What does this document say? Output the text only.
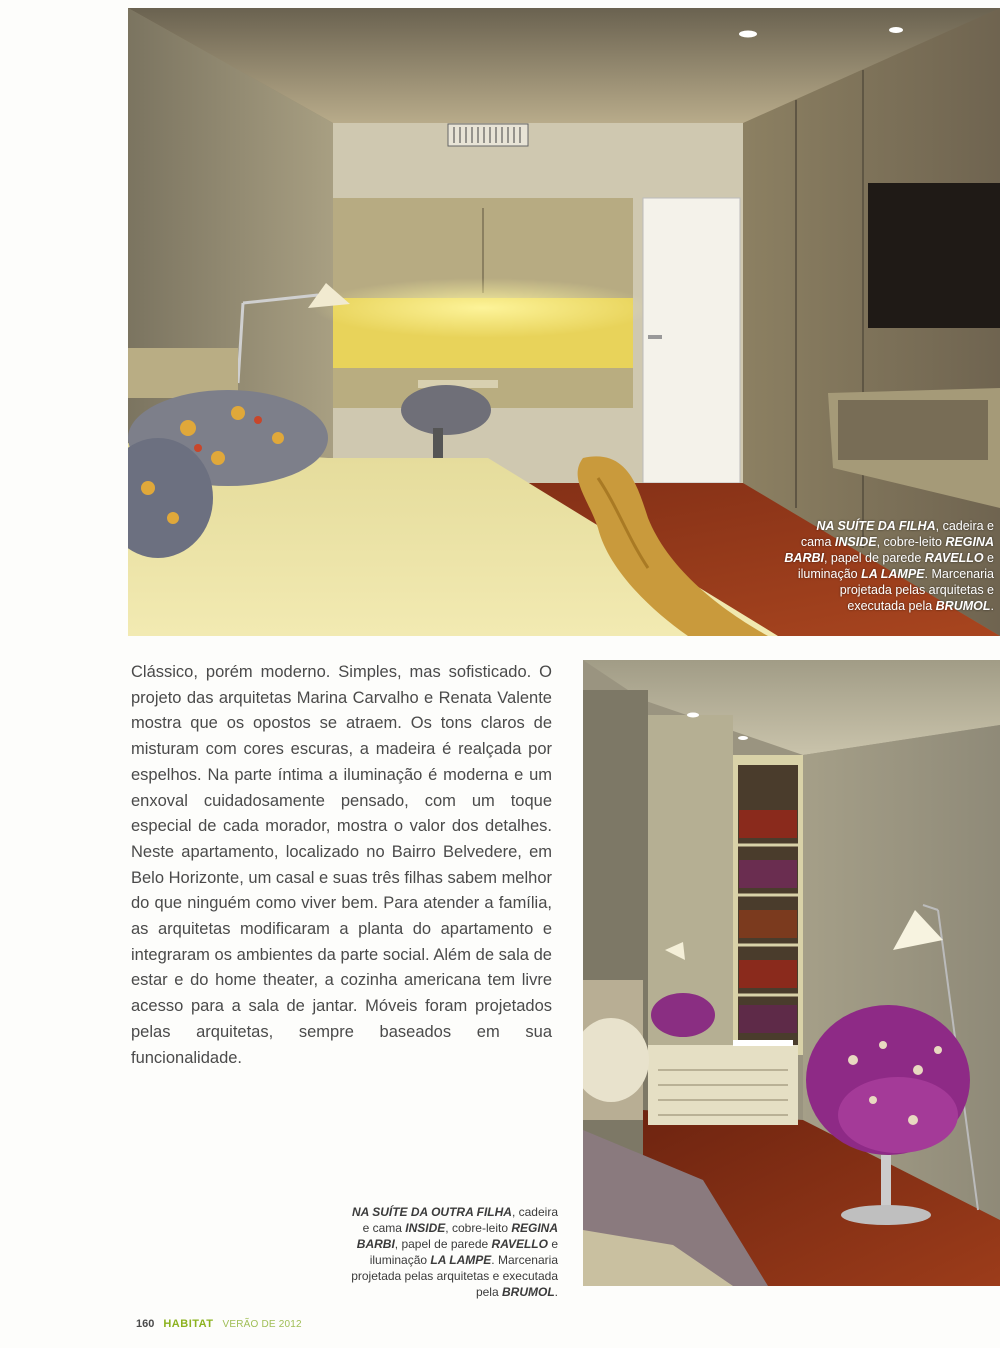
NA SUÍTE DA FILHA, cadeira e
cama INSIDE, cobre-leito REGINA
BARBI, papel de parede RAVELLO e
iluminação LA LAMPE. Marcenaria
projetada pelas arquitetas e
executada pela BRUMOL.
Clássico, porém moderno. Simples, mas sofisticado. O projeto das arquitetas Marina Carvalho e Renata Valente mostra que os opostos se atraem. Os tons claros de misturam com cores escuras, a madeira é realçada por espelhos. Na parte íntima a iluminação é moderna e um enxoval cuidadosamente pensado, com um toque especial de cada morador, mostra o valor dos detalhes. Neste apartamento, localizado no Bairro Belvedere, em Belo Horizonte, um casal e suas três filhas sabem melhor do que ninguém como viver bem. Para atender a família, as arquitetas modificaram a planta do apartamento e integraram os ambientes da parte social. Além de sala de estar e do home theater, a cozinha americana tem livre acesso para a sala de jantar. Móveis foram projetados pelas arquitetas, sempre baseados em sua funcionalidade.
NA SUÍTE DA OUTRA FILHA, cadeira
e cama INSIDE, cobre-leito REGINA
BARBI, papel de parede RAVELLO e
iluminação LA LAMPE. Marcenaria
projetada pelas arquitetas e executada
pela BRUMOL.
160 HABITAT VERÃO DE 2012
